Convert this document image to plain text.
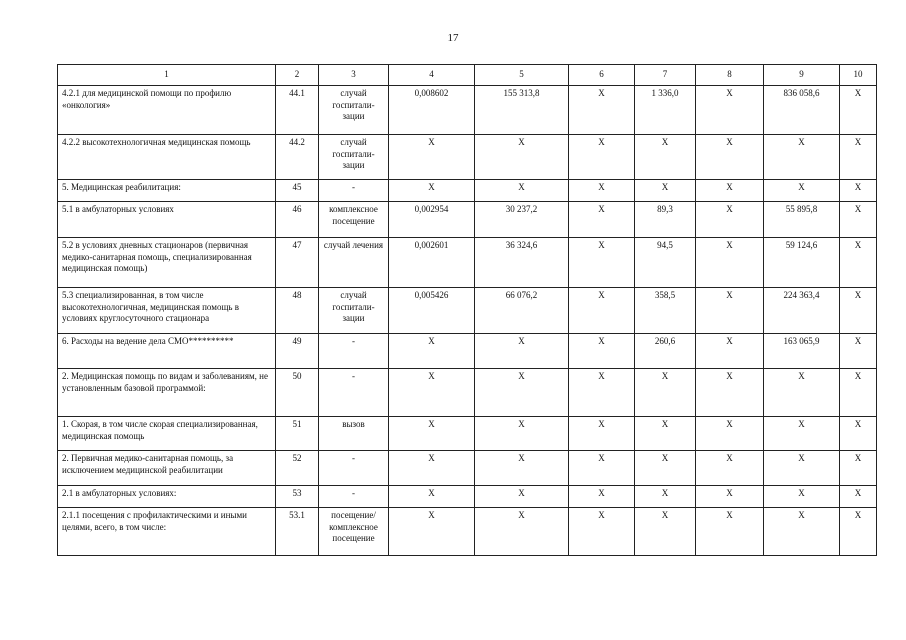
17
1	2	3	4	5	6	7	8	9	10
4.2.1 для медицинской помощи по профилю «онкология»	44.1	случай госпитали-зации	0,008602	155 313,8	X	1 336,0	X	836 058,6	X
4.2.2 высокотехнологичная медицинская помощь	44.2	случай госпитали-зации	X	X	X	X	X	X	X
5. Медицинская реабилитация:	45	-	X	X	X	X	X	X	X
5.1 в амбулаторных условиях	46	комплексное посещение	0,002954	30 237,2	X	89,3	X	55 895,8	X
5.2 в условиях дневных стационаров (первичная медико-санитарная помощь, специализированная медицинская помощь)	47	случай лечения	0,002601	36 324,6	X	94,5	X	59 124,6	X
5.3 специализированная, в том числе высокотехнологичная, медицинская помощь в условиях круглосуточного стационара	48	случай госпитали-зации	0,005426	66 076,2	X	358,5	X	224 363,4	X
6. Расходы на ведение дела СМО**********	49	-	X	X	X	260,6	X	163 065,9	X
2. Медицинская помощь по видам и заболеваниям, не установленным базовой программой:	50	-	X	X	X	X	X	X	X
1. Скорая, в том числе скорая специализированная, медицинская помощь	51	вызов	X	X	X	X	X	X	X
2. Первичная медико-санитарная помощь, за исключением медицинской реабилитации	52	-	X	X	X	X	X	X	X
2.1 в амбулаторных условиях:	53	-	X	X	X	X	X	X	X
2.1.1 посещения с профилактическими и иными целями, всего, в том числе:	53.1	посещение/ комплексное посещение	X	X	X	X	X	X	X
